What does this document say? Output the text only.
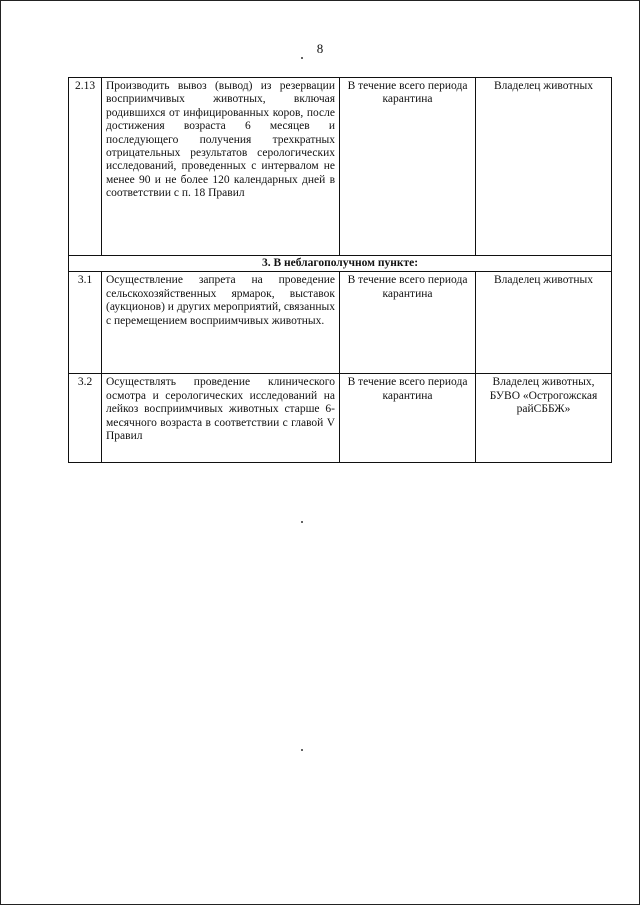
8
2.13	Производить вывоз (вывод) из резервации восприимчивых животных, включая родившихся от инфицированных коров, после достижения возраста 6 месяцев и последующего получения трехкратных отрицательных результатов серологических исследований, проведенных с интервалом не менее 90 и не более 120 календарных дней в соответствии с п. 18 Правил	В течение всего периода карантина	Владелец животных
3. В неблагополучном пункте:			
3.1	Осуществление запрета на проведение сельскохозяйственных ярмарок, выставок (аукционов) и других мероприятий, связанных с перемещением восприимчивых животных.	В течение всего периода карантина	Владелец животных
3.2	Осуществлять проведение клинического осмотра и серологических исследований на лейкоз восприимчивых животных старше 6-месячного возраста в соответствии с главой V Правил	В течение всего периода карантина	Владелец животных, БУВО «Острогожская райСББЖ»
